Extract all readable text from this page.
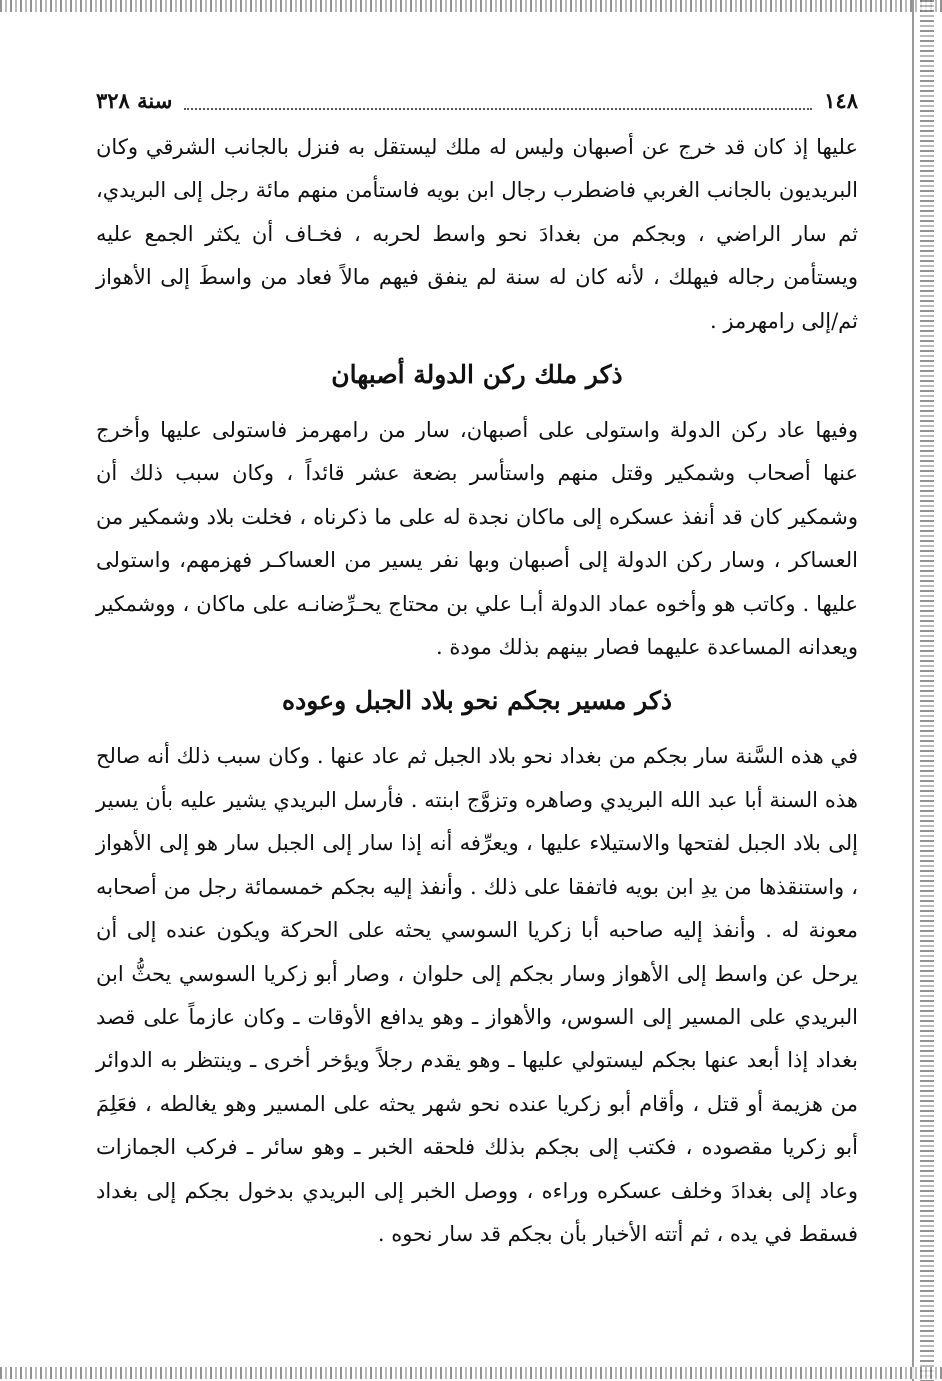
١٤٨
سنة ٣٢٨

عليها إذ كان قد خرج عن أصبهان وليس له ملك ليستقل به فنزل بالجانب الشرقي وكان البريديون بالجانب الغربي فاضطرب رجال ابن بويه فاستأمن منهم مائة رجل إلى البريدي، ثم سار الراضي ، وبجكم من بغدادَ نحو واسط لحربه ، فخـاف أن يكثر الجمع عليه ويستأمن رجاله فيهلك ، لأنه كان له سنة لم ينفق فيهم مالاً فعاد من واسطَ إلى الأهواز ثم/إلى رامهرمز .

ذكر ملك ركن الدولة أصبهان

وفيها عاد ركن الدولة واستولى على أصبهان، سار من رامهرمز فاستولى عليها وأخرج عنها أصحاب وشمكير وقتل منهم واستأسر بضعة عشر قائداً ، وكان سبب ذلك أن وشمكير كان قد أنفذ عسكره إلى ماكان نجدة له على ما ذكرناه ، فخلت بلاد وشمكير من العساكر ، وسار ركن الدولة إلى أصبهان وبها نفر يسير من العساكـر فهزمهم، واستولى عليها . وكاتب هو وأخوه عماد الدولة أبـا علي بن محتاج يحـرِّضانـه على ماكان ، ووشمكير ويعدانه المساعدة عليهما فصار بينهم بذلك مودة .

ذكر مسير بجكم نحو بلاد الجبل وعوده

في هذه السَّنة سار بجكم من بغداد نحو بلاد الجبل ثم عاد عنها . وكان سبب ذلك أنه صالح هذه السنة أبا عبد الله البريدي وصاهره وتزوَّج ابنته . فأرسل البريدي يشير عليه بأن يسير إلى بلاد الجبل لفتحها والاستيلاء عليها ، ويعرِّفه أنه إذا سار إلى الجبل سار هو إلى الأهواز ، واستنقذها من يدِ ابن بويه فاتفقا على ذلك . وأنفذ إليه بجكم خمسمائة رجل من أصحابه معونة له . وأنفذ إليه صاحبه أبا زكريا السوسي يحثه على الحركة ويكون عنده إلى أن يرحل عن واسط إلى الأهواز وسار بجكم إلى حلوان ، وصار أبو زكريا السوسي يحثُّ ابن البريدي على المسير إلى السوس، والأهواز ـ وهو يدافع الأوقات ـ وكان عازماً على قصد بغداد إذا أبعد عنها بجكم ليستولي عليها ـ وهو يقدم رجلاً ويؤخر أخرى ـ وينتظر به الدوائر من هزيمة أو قتل ، وأقام أبو زكريا عنده نحو شهر يحثه على المسير وهو يغالطه ، فعَلِمَ أبو زكريا مقصوده ، فكتب إلى بجكم بذلك فلحقه الخبر ـ وهو سائر ـ فركب الجمازات وعاد إلى بغدادَ وخلف عسكره وراءه ، ووصل الخبر إلى البريدي بدخول بجكم إلى بغداد فسقط في يده ، ثم أتته الأخبار بأن بجكم قد سار نحوه .
